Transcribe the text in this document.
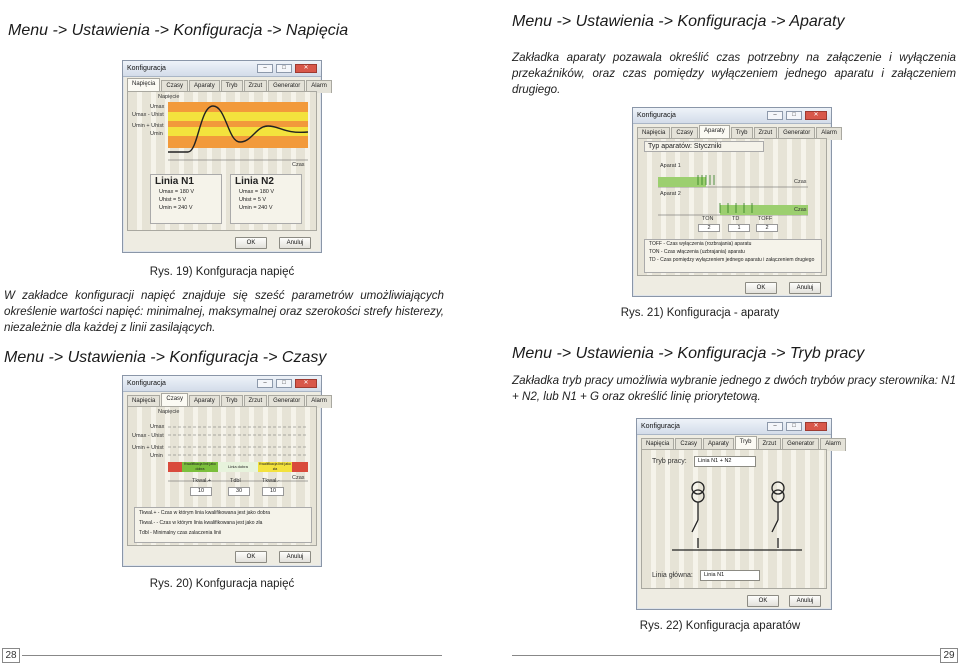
Menu -> Ustawienia -> Konfiguracja -> Napięcia
Konfiguracja	–	□	✕
Napięcia	Czasy	Aparaty	Tryb	Zrzut	Generator	Alarm
Napięcie
Umax
Umax - Uhist
Umin + Uhist
Umin
Czas
Linia N1
Umax = 180 V
Uhist = 5 V
Umin = 240 V
Linia N2
Umax = 180 V
Uhist = 5 V
Umin = 240 V
OK	Anuluj
Rys. 19) Konfguracja napięć
W zakładce konfiguracji napięć znajduje się sześć parametrów umożliwiających określenie wartości napięć: minimalnej, maksymalnej oraz szerokości strefy histerezy, niezależnie dla każdej z linii zasilających.
Menu -> Ustawienia -> Konfiguracja -> Czasy
Konfiguracja	–	□	✕
Napięcia	Czasy	Aparaty	Tryb	Zrzut	Generator	Alarm
Napięcie
Umax
Umax - Uhist
Umin + Uhist
Umin
Kwalifikacja linii jako dobra	Linia dobra	Kwalifikacja linii jako zła
Czas
Tkwal.+	Tdbl	Tkwal.-
10	30	10
Tkwal.+ - Czas w którym linia kwalifikowana jest jako dobra
Tkwal.- - Czas w którym linia kwalifikowana jest jako zła
Tdbl - Minimalny czas zalaczenia linii
OK	Anuluj
Rys. 20) Konfguracja napięć
Menu -> Ustawienia -> Konfiguracja -> Aparaty
Zakładka aparaty pozawala określić czas potrzebny na załączenie i wyłączenia przekaźników, oraz czas pomiędzy wyłączeniem jednego aparatu i załączeniem drugiego.
Konfiguracja	–	□	✕
Napięcia	Czasy	Aparaty	Tryb	Zrzut	Generator	Alarm
Typ aparatów: Styczniki
Aparat 1
Aparat 2
Czas
Czas
TON	TD	TOFF
2	1	2
TOFF - Czas wyłączenia (rozbrajania) aparatu
TON - Czas włączenia (uzbrajania) aparatu
TD - Czas pomiędzy wyłączeniem jednego aparatu i załączeniem drugiego
OK	Anuluj
Rys. 21) Konfiguracja - aparaty
Menu -> Ustawienia -> Konfiguracja -> Tryb pracy
Zakładka tryb pracy umożliwia wybranie jednego z dwóch trybów pracy sterownika: N1 + N2, lub N1 + G oraz określić linię priorytetową.
Konfiguracja	–	□	✕
Napięcia	Czasy	Aparaty	Tryb	Zrzut	Generator	Alarm
Tryb pracy:	Linia N1 + N2
Linia główna:	Linia N1
OK	Anuluj
Rys. 22) Konfiguracja aparatów
28	29
